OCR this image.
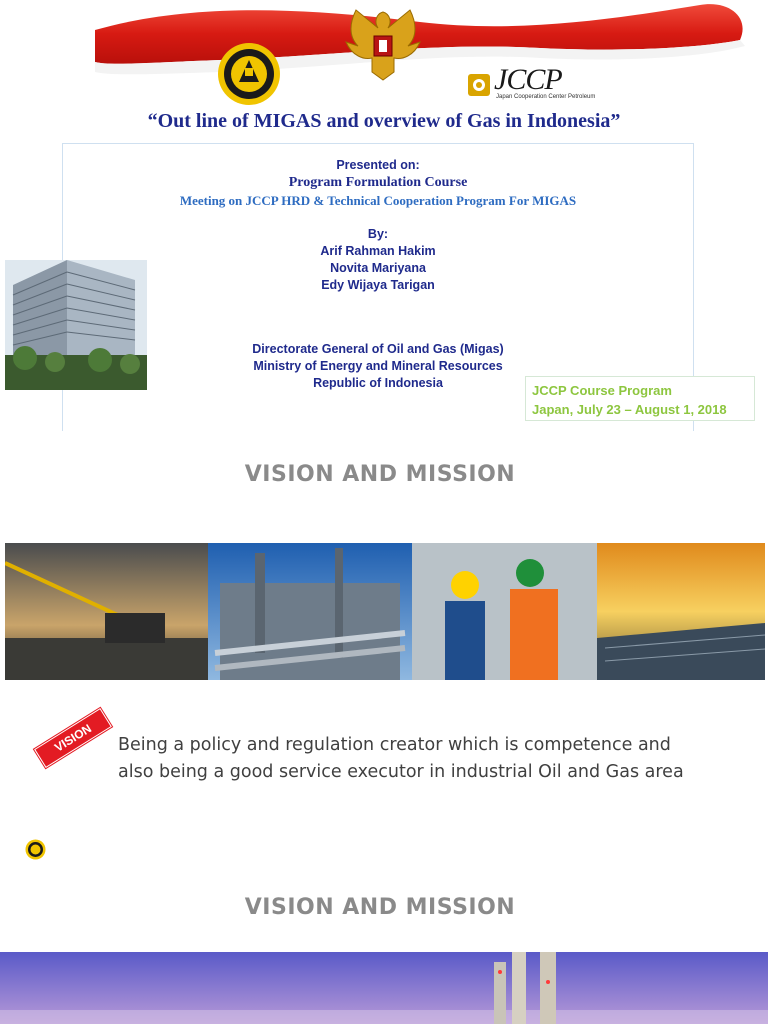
JCCP
Japan Cooperation Center Petroleum
“Out line of MIGAS and overview of Gas in Indonesia”
Presented on:
Program Formulation Course
Meeting on JCCP HRD & Technical Cooperation Program For MIGAS
By:
Arif Rahman Hakim
Novita Mariyana
Edy Wijaya Tarigan
Directorate General of Oil and Gas (Migas)
Ministry of Energy and Mineral Resources
Republic of Indonesia	JCCP Course Program
Japan, July 23 – August 1, 2018
VISION AND MISSION
VISION	Being a policy and regulation creator which is competence and
also being a good service executor in industrial Oil and Gas area
VISION AND MISSION
